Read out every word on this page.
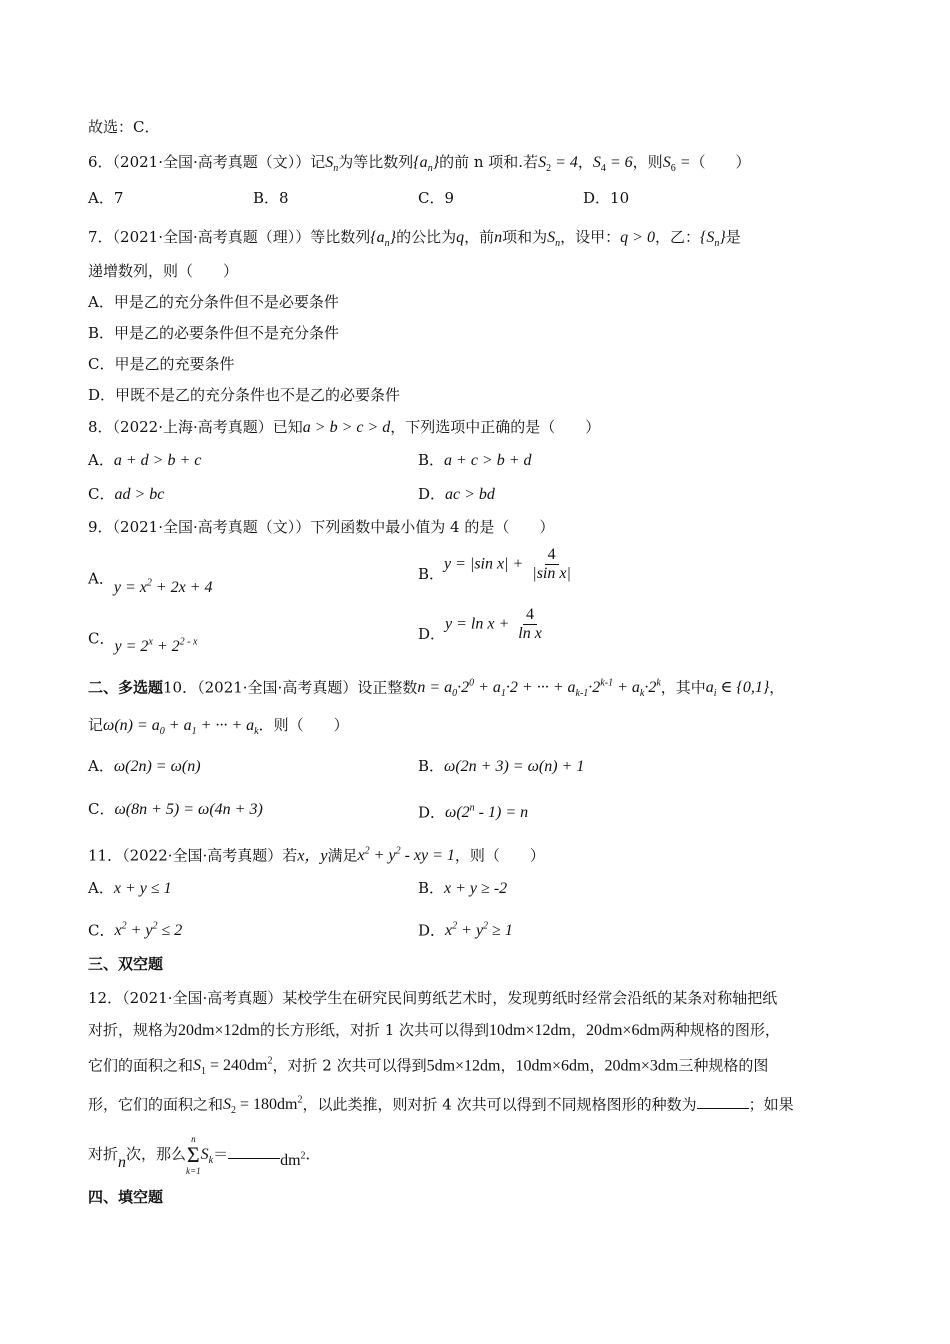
故选：C．
6．（2021·全国·高考真题（文））记$S_n$为等比数列$\{a_n\}$的前 n 项和.若$S_2 = 4$，$S_4 = 6$，则$S_6$ =（　　）
A．7	B．8	C．9	D．10
7．（2021·全国·高考真题（理））等比数列$\{a_n\}$的公比为q，前n项和为$S_n$，设甲：q > 0，乙：$\{S_n\}$是
递增数列，则（　　）
A．甲是乙的充分条件但不是必要条件
B．甲是乙的必要条件但不是充分条件
C．甲是乙的充要条件
D．甲既不是乙的充分条件也不是乙的必要条件
8．（2022·上海·高考真题）已知a > b > c > d，下列选项中正确的是（　　）
A．a + d > b + c	B．a + c > b + d
C．ad > bc	D．ac > bd
9．（2021·全国·高考真题（文））下列函数中最小值为 4 的是（　　）
A．$y = x^2 + 2x + 4$
B．y = |sin $x| + \frac{4}{\text{|sin x|}}$
C．$y = 2^x + 2^{2 - x}$	D．$y = \ln x + \frac{4}{\text{ln x}}$
二、多选题10．（2021·全国·高考真题）设正整数$n = a_0\cdot 2^0 + a_1\cdot 2$ + ··· + $a_{k-1}\cdot 2^{k-1} + a_k\cdot 2^k$，其中$a_i$ ∈ {0,1}，
记$\omega(n) = a_0 + a_1$ + ··· + $a_k$．则（　　）
A．ω(2n) = ω(n)	B．ω(2n + 3) = ω(n) + 1
C．ω(8n + 5) = ω(4n + 3)	D．ω(2$^n$ - 1) = n
11．（2022·全国·高考真题）若x，y满足$x^2 + y^2$ - xy = 1，则（　　）
A．x + y ≤ 1	B．x + y ≥ -2
C．$x^2 + y^2 \le 2$	D．$x^2 + y^2 \ge 1$
三、双空题
12．（2021·全国·高考真题）某校学生在研究民间剪纸艺术时，发现剪纸时经常会沿纸的某条对称轴把纸
对折，规格为20dm×12dm的长方形纸，对折 1 次共可以得到10dm×12dm，20dm×6dm两种规格的图形，
它们的面积之和$S_1 = 240dm^2$，对折 2 次共可以得到5dm×12dm，10dm×6dm，20dm×3dm三种规格的图
形，它们的面积之和$S_2 = 180dm^2$，以此类推，则对折 4 次共可以得到不同规格图形的种数为	；如果
对折n次，那么
n
Σ
k=1
$S_k=$	$dm^2$．
四、填空题
